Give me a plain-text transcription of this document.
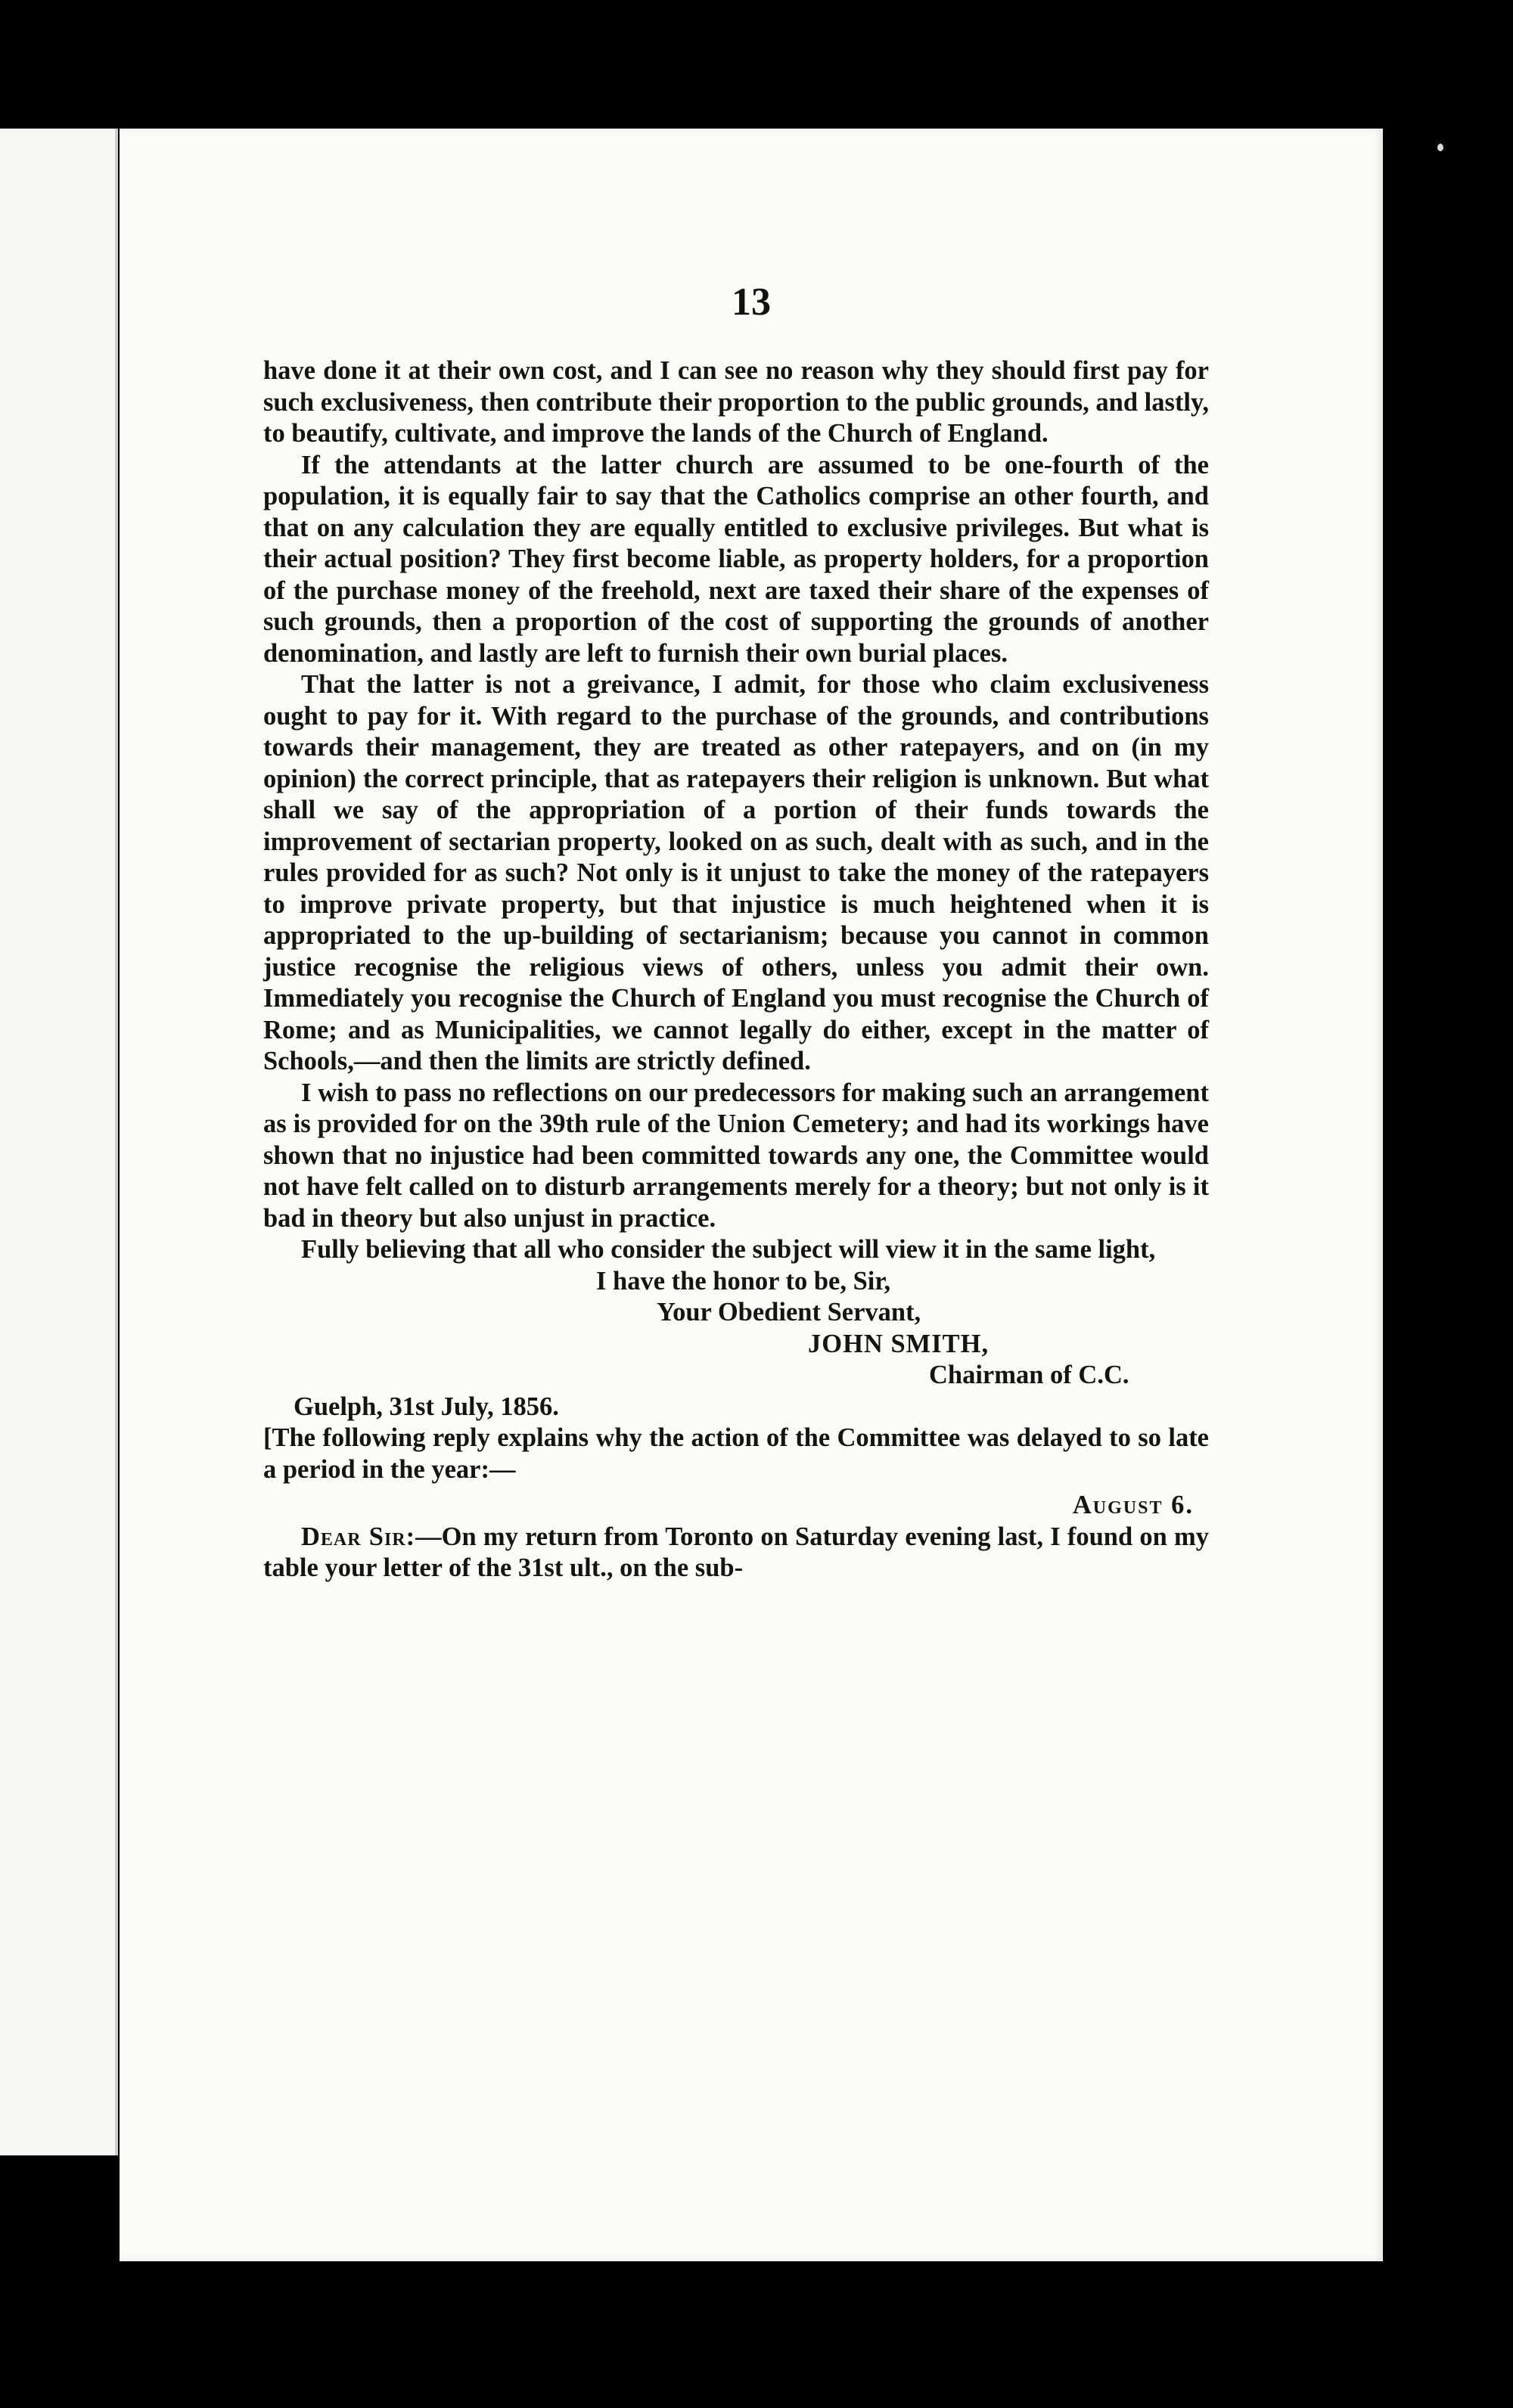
13

have done it at their own cost, and I can see no reason why they should first pay for such exclusiveness, then contribute their proportion to the public grounds, and lastly, to beautify, cultivate, and improve the lands of the Church of England.

If the attendants at the latter church are assumed to be one-fourth of the population, it is equally fair to say that the Catholics comprise an other fourth, and that on any calculation they are equally entitled to exclusive privileges. But what is their actual position? They first become liable, as property holders, for a proportion of the purchase money of the freehold, next are taxed their share of the expenses of such grounds, then a proportion of the cost of supporting the grounds of another denomination, and lastly are left to furnish their own burial places.

That the latter is not a greivance, I admit, for those who claim exclusiveness ought to pay for it. With regard to the purchase of the grounds, and contributions towards their management, they are treated as other ratepayers, and on (in my opinion) the correct principle, that as ratepayers their religion is unknown. But what shall we say of the appropriation of a portion of their funds towards the improvement of sectarian property, looked on as such, dealt with as such, and in the rules provided for as such? Not only is it unjust to take the money of the ratepayers to improve private property, but that injustice is much heightened when it is appropriated to the up-building of sectarianism; because you cannot in common justice recognise the religious views of others, unless you admit their own. Immediately you recognise the Church of England you must recognise the Church of Rome; and as Municipalities, we cannot legally do either, except in the matter of Schools,—and then the limits are strictly defined.

I wish to pass no reflections on our predecessors for making such an arrangement as is provided for on the 39th rule of the Union Cemetery; and had its workings have shown that no injustice had been committed towards any one, the Committee would not have felt called on to disturb arrangements merely for a theory; but not only is it bad in theory but also unjust in practice.

Fully believing that all who consider the subject will view it in the same light,

I have the honor to be, Sir,
Your Obedient Servant,
JOHN SMITH,
Chairman of C.C.
Guelph, 31st July, 1856.

[The following reply explains why the action of the Committee was delayed to so late a period in the year:—

August 6.

Dear Sir:—On my return from Toronto on Saturday evening last, I found on my table your letter of the 31st ult., on the sub-
